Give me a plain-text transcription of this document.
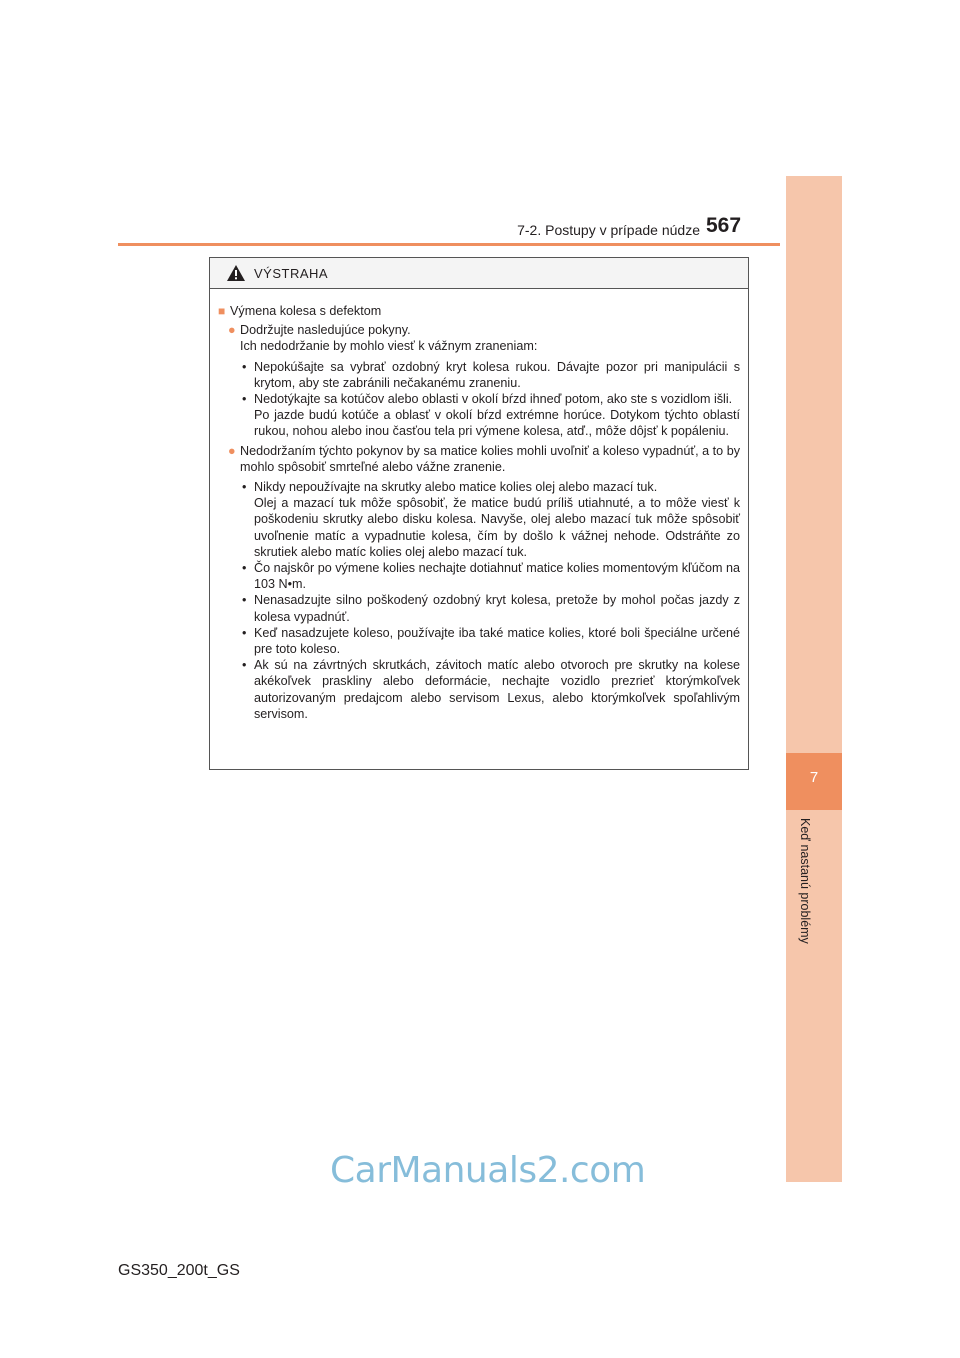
7-2. Postupy v prípade núdze 567
7
Keď nastanú problémy
VÝSTRAHA
■ Výmena kolesa s defektom
● Dodržujte nasledujúce pokyny.
Ich nedodržanie by mohlo viesť k vážnym zraneniam:
• Nepokúšajte sa vybrať ozdobný kryt kolesa rukou. Dávajte pozor pri manipulácii s krytom, aby ste zabránili nečakanému zraneniu.
• Nedotýkajte sa kotúčov alebo oblasti v okolí bŕzd ihneď potom, ako ste s vozidlom išli.
Po jazde budú kotúče a oblasť v okolí bŕzd extrémne horúce. Dotykom týchto oblastí rukou, nohou alebo inou časťou tela pri výmene kolesa, atď., môže dôjsť k popáleniu.
● Nedodržaním týchto pokynov by sa matice kolies mohli uvoľniť a koleso vypadnúť, a to by mohlo spôsobiť smrteľné alebo vážne zranenie.
• Nikdy nepoužívajte na skrutky alebo matice kolies olej alebo mazací tuk.
Olej a mazací tuk môže spôsobiť, že matice budú príliš utiahnuté, a to môže viesť k poškodeniu skrutky alebo disku kolesa. Navyše, olej alebo mazací tuk môže spôsobiť uvoľnenie matíc a vypadnutie kolesa, čím by došlo k vážnej nehode. Odstráňte zo skrutiek alebo matíc kolies olej alebo mazací tuk.
• Čo najskôr po výmene kolies nechajte dotiahnuť matice kolies momentovým kľúčom na 103 N•m.
• Nenasadzujte silno poškodený ozdobný kryt kolesa, pretože by mohol počas jazdy z kolesa vypadnúť.
• Keď nasadzujete koleso, používajte iba také matice kolies, ktoré boli špeciálne určené pre toto koleso.
• Ak sú na závrtných skrutkách, závitoch matíc alebo otvoroch pre skrutky na kolese akékoľvek praskliny alebo deformácie, nechajte vozidlo prezrieť ktorýmkoľvek autorizovaným predajcom alebo servisom Lexus, alebo ktorýmkoľvek spoľahlivým servisom.
CarManuals2.com
GS350_200t_GS
